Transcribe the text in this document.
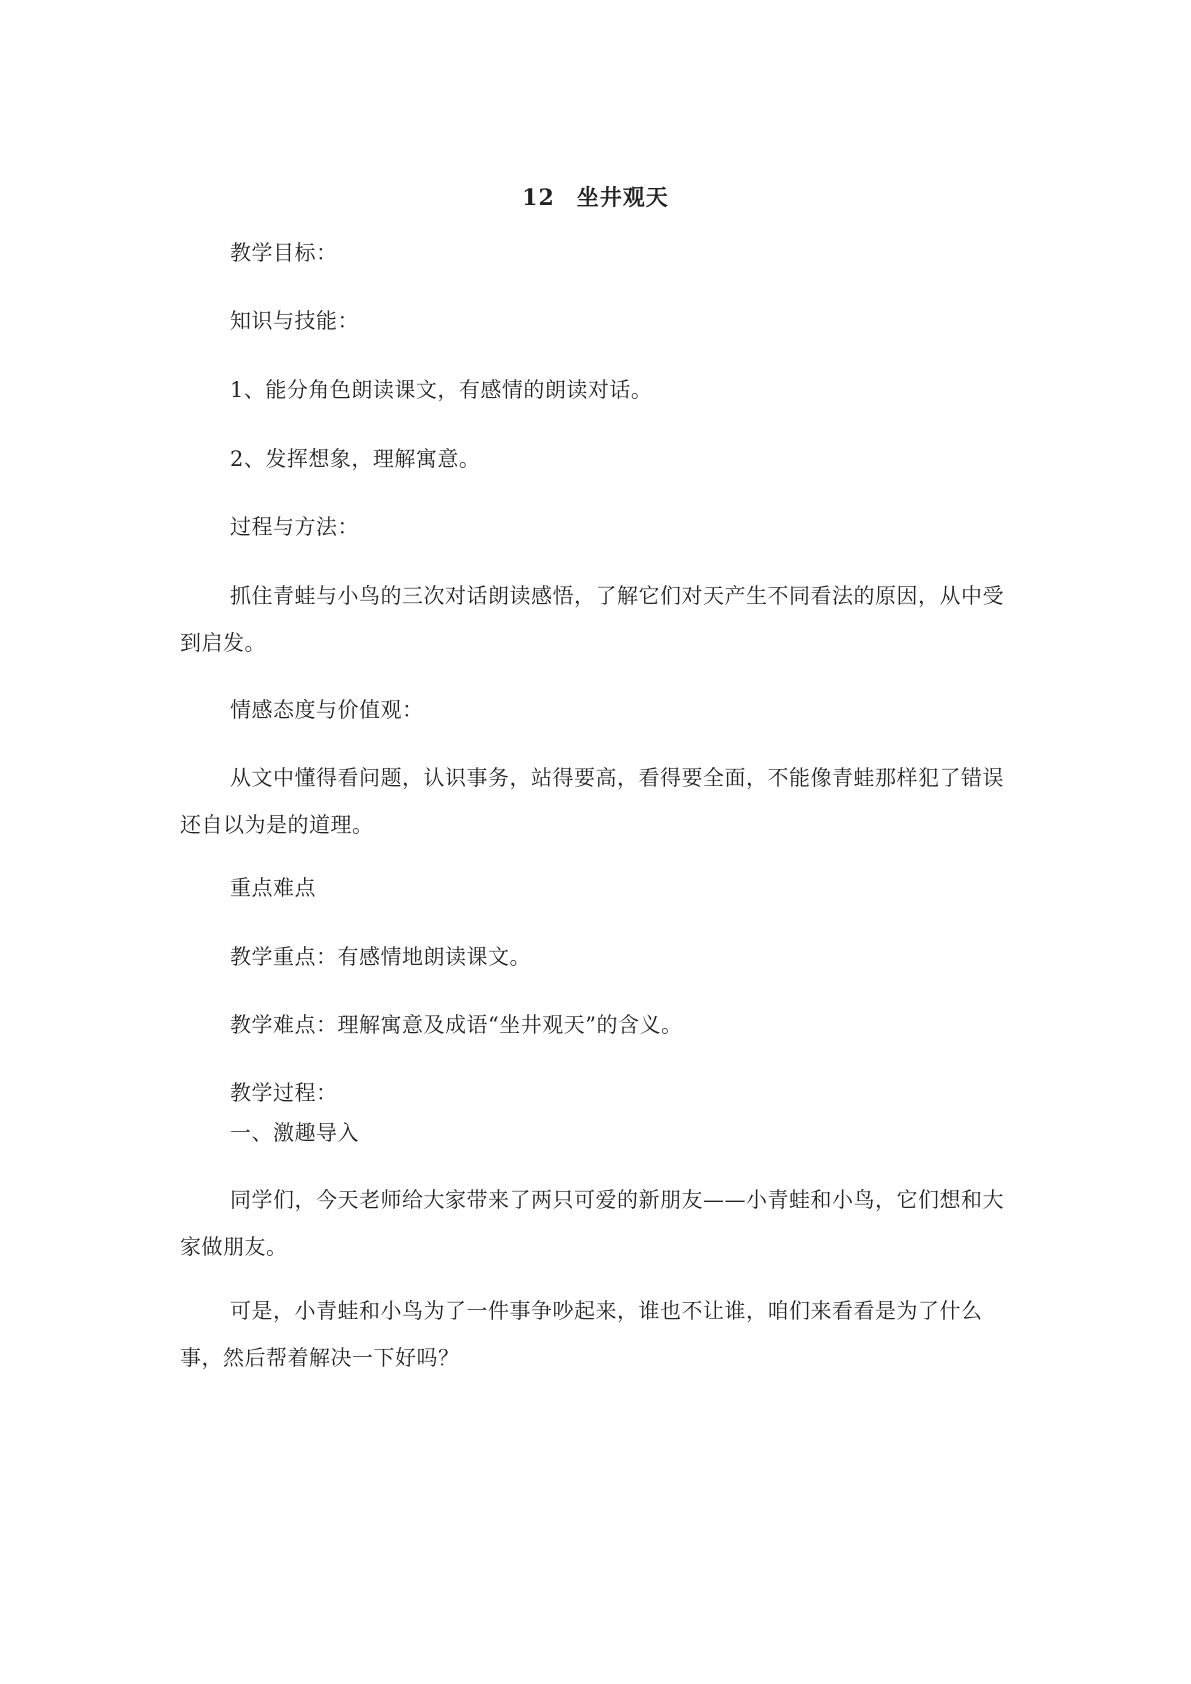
12 坐井观天
教学目标：
知识与技能：
1、能分角色朗读课文，有感情的朗读对话。
2、发挥想象，理解寓意。
过程与方法：
抓住青蛙与小鸟的三次对话朗读感悟，了解它们对天产生不同看法的原因，从中受到启发。
情感态度与价值观：
从文中懂得看问题，认识事务，站得要高，看得要全面，不能像青蛙那样犯了错误还自以为是的道理。
重点难点
教学重点：有感情地朗读课文。
教学难点：理解寓意及成语“坐井观天”的含义。
教学过程：
一、激趣导入
同学们，今天老师给大家带来了两只可爱的新朋友——小青蛙和小鸟，它们想和大家做朋友。
可是，小青蛙和小鸟为了一件事争吵起来，谁也不让谁，咱们来看看是为了什么事，然后帮着解决一下好吗？
